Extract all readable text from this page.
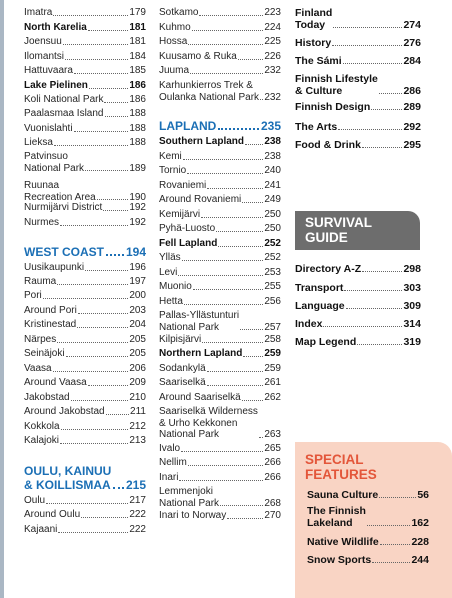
Imatra	179
North Karelia	181
Joensuu	181
Ilomantsi	184
Hattuvaara	185
Lake Pielinen	186
Koli National Park	186
Paalasmaa Island	188
Vuonislahti	188
Lieksa	188
Patvinsuo
National Park	189
Ruunaa
Recreation Area	190
Nurmijärvi District	192
Nurmes	192
WEST COAST 194
Uusikaupunki	196
Rauma	197
Pori	200
Around Pori	203
Kristinestad	204
Närpes	205
Seinäjoki	205
Vaasa	206
Around Vaasa	209
Jakobstad	210
Around Jakobstad	211
Kokkola	212
Kalajoki	213
OULU, KAINUU
& KOILLISMAA 215
Oulu	217
Around Oulu	222
Kajaani	222
Sotkamo	223
Kuhmo	224
Hossa	225
Kuusamo & Ruka	226
Juuma	232
Karhunkierros Trek &
Oulanka National Park 232
LAPLAND	235
Southern Lapland 238
Kemi	238
Tornio	240
Rovaniemi	241
Around Rovaniemi 249
Kemijärvi	250
Pyhä-Luosto	250
Fell Lapland	252
Ylläs	252
Levi	253
Muonio	255
Hetta	256
Pallas-Yllästunturi
National Park	257
Kilpisjärvi	258
Northern Lapland 259
Sodankylä	259
Saariselkä	261
Around Saariselkä 262
Saariselkä Wilderness
& Urho Kekkonen
National Park	263
Ivalo	265
Nellim	266
Inari	266
Lemmenjoki
National Park	268
Inari to Norway	270
Finland
Today	274
History	276
The Sámi	284
Finnish Lifestyle
& Culture	286
Finnish Design	289
The Arts	292
Food & Drink	295
Directory A-Z	298
Transport	303
Language	309
Index	314
Map Legend	319
SURVIVAL
GUIDE
SPECIAL
FEATURES
Sauna Culture	56
The Finnish
Lakeland	162
Native Wildlife	228
Snow Sports	244
